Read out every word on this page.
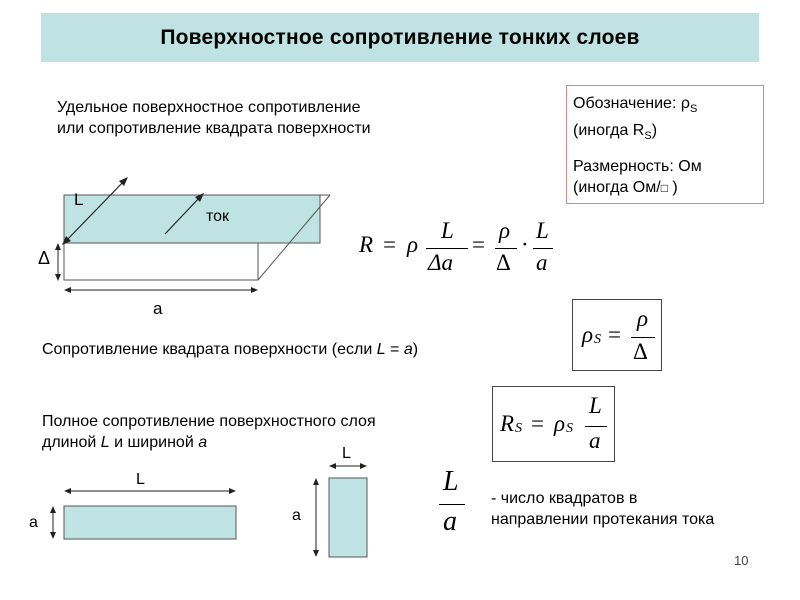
Поверхностное сопротивление тонких слоев
Удельное поверхностное сопротивление
или сопротивление квадрата поверхности
Обозначение: $\rho_S$
(иногда $R_S$)
Размерность: Ом
(иногда Ом/□ )
L
ток
Δ
a
R = ρ
L
Δa
=
ρ
Δ
·
L
a
Сопротивление квадрата поверхности (если L = a)
ρ S =
ρ
Δ
Полное сопротивление поверхностного слоя
длиной L и шириной a
R S = ρ S
L
a
L
a
L
a
L
a
- число квадратов в
направлении протекания тока
10
